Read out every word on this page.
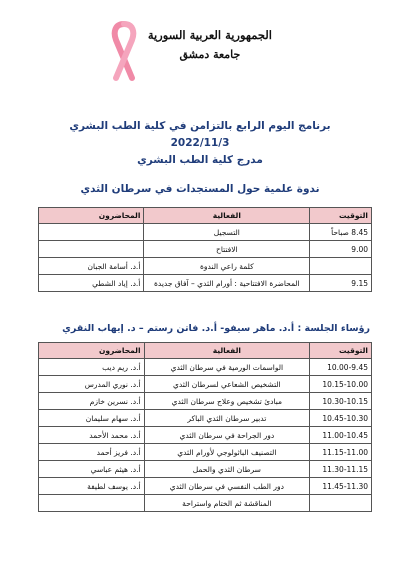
الجمهورية العربية السورية
جامعة دمشق
برنامج اليوم الرابع بالتزامن في كلية الطب البشري
2022/11/3
مدرج كلية الطب البشري
ندوة علمية حول المستجدات في سرطان الثدي
التوقيت	الفعالية	المحاضرون
8.45 صباحاً	التسجيل	
9.00	الافتتاح	
	كلمة راعي الندوة	أ.د. أسامة الجبان
9.15	المحاضرة الافتتاحية : أورام الثدي – آفاق جديدة	أ.د. إياد الشطي
رؤساء الجلسة : أ.د. ماهر سيفو- أ.د. فاتن رستم – د. إيهاب النقري
التوقيت	الفعالية	المحاضرون
10.00-9.45	الواسمات الورمية في سرطان الثدي	أ.د. ريم ديب
10.15-10.00	التشخيص الشعاعي لسرطان الثدي	أ.د. نوري المدرس
10.30-10.15	مبادئ تشخيص وعلاج سرطان الثدي	أ.د. نسرين خازم
10.45-10.30	تدبير سرطان الثدي الباكر	أ.د. سهام سليمان
11.00-10.45	دور الجراحة في سرطان الثدي	أ.د. محمد الأحمد
11.15-11.00	التصنيف الباثولوجي لأورام الثدي	أ.د. فريز أحمد
11.30-11.15	سرطان الثدي والحمل	أ.د. هيثم عباسي
11.45-11.30	دور الطب النفسي في سرطان الثدي	أ.د. يوسف لطيفة
	المناقشة ثم الختام واستراحة	
